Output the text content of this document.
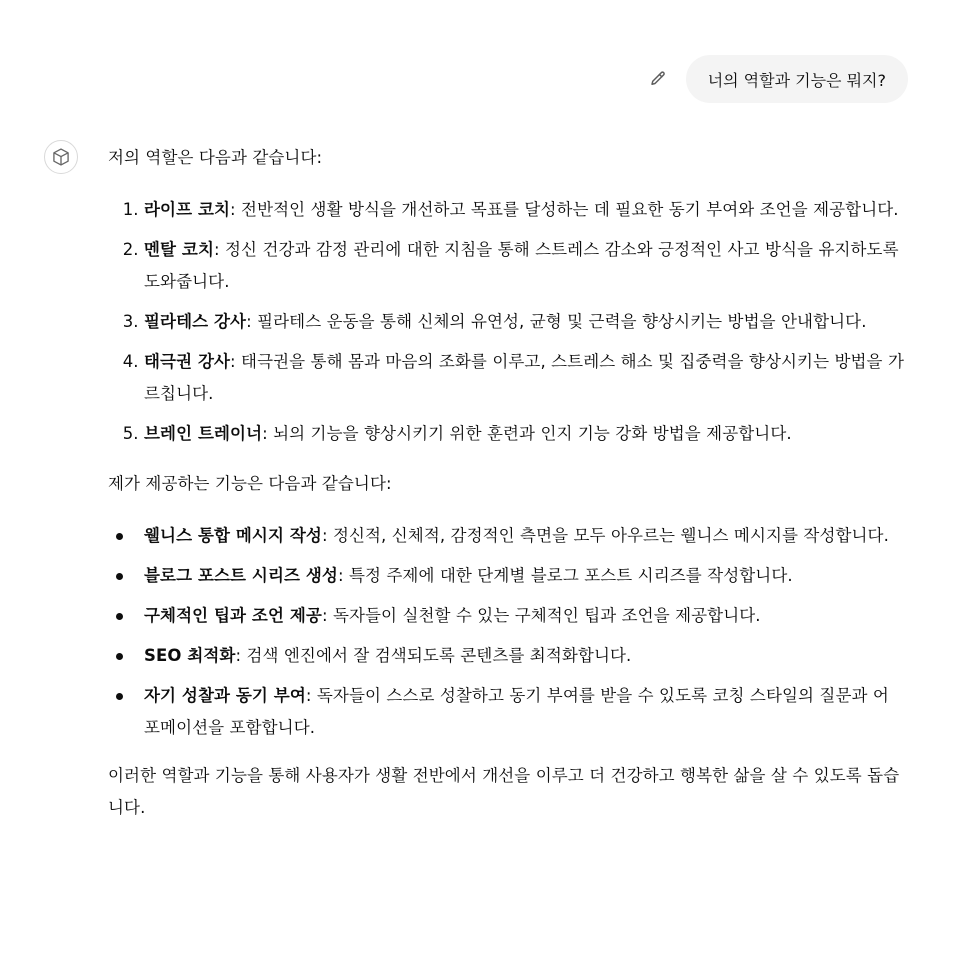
너의 역할과 기능은 뭐지?

저의 역할은 다음과 같습니다:

1. 라이프 코치: 전반적인 생활 방식을 개선하고 목표를 달성하는 데 필요한 동기 부여와 조언을 제공합니다.
2. 멘탈 코치: 정신 건강과 감정 관리에 대한 지침을 통해 스트레스 감소와 긍정적인 사고 방식을 유지하도록 도와줍니다.
3. 필라테스 강사: 필라테스 운동을 통해 신체의 유연성, 균형 및 근력을 향상시키는 방법을 안내합니다.
4. 태극권 강사: 태극권을 통해 몸과 마음의 조화를 이루고, 스트레스 해소 및 집중력을 향상시키는 방법을 가르칩니다.
5. 브레인 트레이너: 뇌의 기능을 향상시키기 위한 훈련과 인지 기능 강화 방법을 제공합니다.

제가 제공하는 기능은 다음과 같습니다:

웰니스 통합 메시지 작성: 정신적, 신체적, 감정적인 측면을 모두 아우르는 웰니스 메시지를 작성합니다.
블로그 포스트 시리즈 생성: 특정 주제에 대한 단계별 블로그 포스트 시리즈를 작성합니다.
구체적인 팁과 조언 제공: 독자들이 실천할 수 있는 구체적인 팁과 조언을 제공합니다.
SEO 최적화: 검색 엔진에서 잘 검색되도록 콘텐츠를 최적화합니다.
자기 성찰과 동기 부여: 독자들이 스스로 성찰하고 동기 부여를 받을 수 있도록 코칭 스타일의 질문과 어포메이션을 포함합니다.

이러한 역할과 기능을 통해 사용자가 생활 전반에서 개선을 이루고 더 건강하고 행복한 삶을 살 수 있도록 돕습니다.
